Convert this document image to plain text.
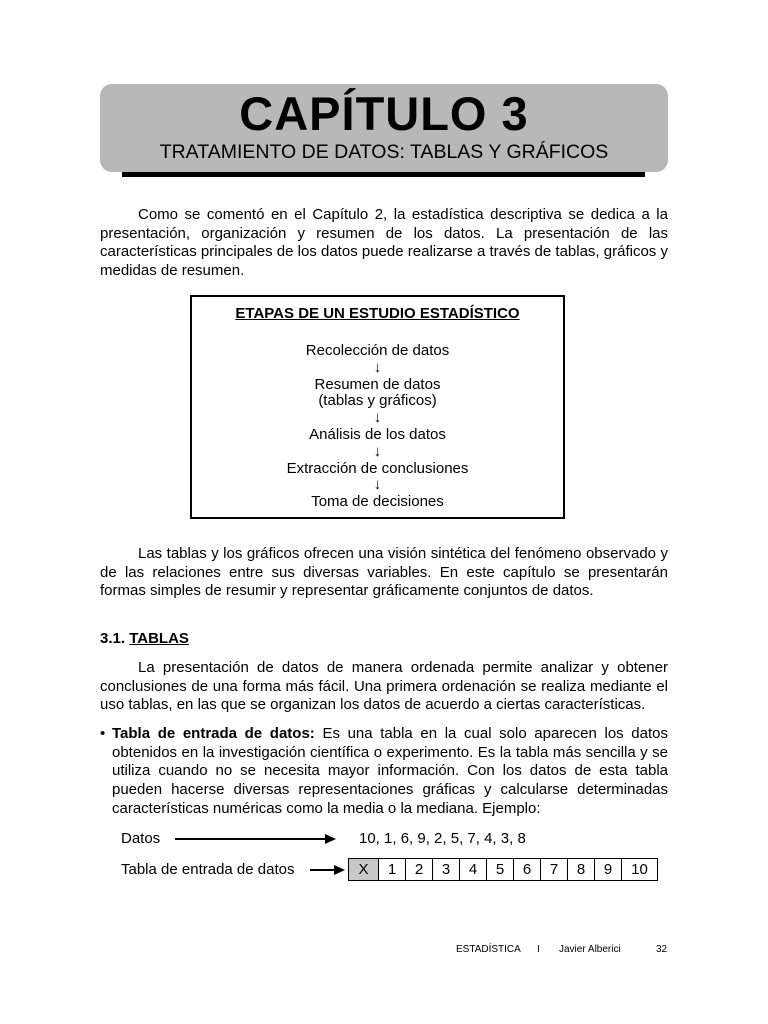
CAPÍTULO 3
TRATAMIENTO DE DATOS: TABLAS Y GRÁFICOS
Como se comentó en el Capítulo 2, la estadística descriptiva se dedica a la presentación, organización y resumen de los datos. La presentación de las características principales de los datos puede realizarse a través de tablas, gráficos y medidas de resumen.
ETAPAS DE UN ESTUDIO ESTADÍSTICO
Recolección de datos
↓
Resumen de datos
(tablas y gráficos)
↓
Análisis de los datos
↓
Extracción de conclusiones
↓
Toma de decisiones
Las tablas y los gráficos ofrecen una visión sintética del fenómeno observado y de las relaciones entre sus diversas variables. En este capítulo se presentarán formas simples de resumir y representar gráficamente conjuntos de datos.
3.1. TABLAS
La presentación de datos de manera ordenada permite analizar y obtener conclusiones de una forma más fácil. Una primera ordenación se realiza mediante el uso tablas, en las que se organizan los datos de acuerdo a ciertas características.
• Tabla de entrada de datos: Es una tabla en la cual solo aparecen los datos obtenidos en la investigación científica o experimento. Es la tabla más sencilla y se utiliza cuando no se necesita mayor información. Con los datos de esta tabla pueden hacerse diversas representaciones gráficas y calcularse determinadas características numéricas como la media o la mediana. Ejemplo:
Datos	10, 1, 6, 9, 2, 5, 7, 4, 3, 8
Tabla de entrada de datos	X	1	2	3	4	5	6	7	8	9	10
ESTADÍSTICA I Javier Alberici	32
